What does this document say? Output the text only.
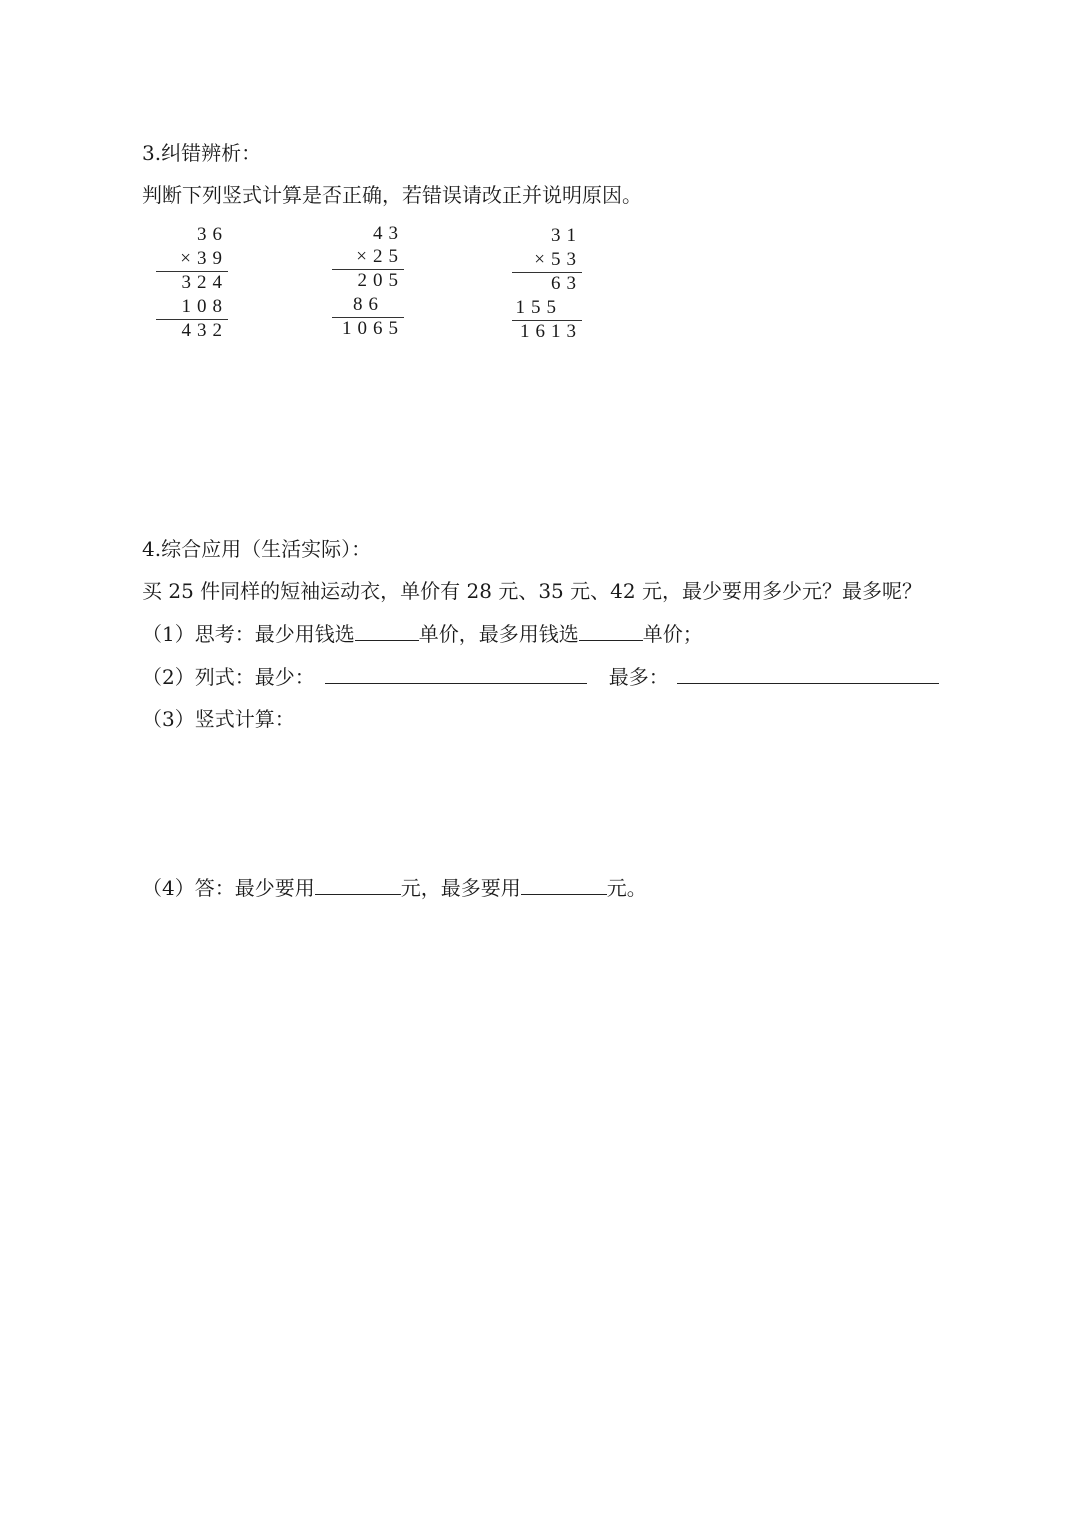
3.纠错辨析：
判断下列竖式计算是否正确，若错误请改正并说明原因。
36
×39
324
108
432
43
×25
205
86
1065
31
×53
63
155
1613
4.综合应用（生活实际）：
买 25 件同样的短袖运动衣，单价有 28 元、35 元、42 元，最少要用多少元？最多呢？
（1）思考：最少用钱选	单价，最多用钱选	单价；
（2）列式：最少：	最多：
（3）竖式计算：
（4）答：最少要用	元，最多要用	元。
